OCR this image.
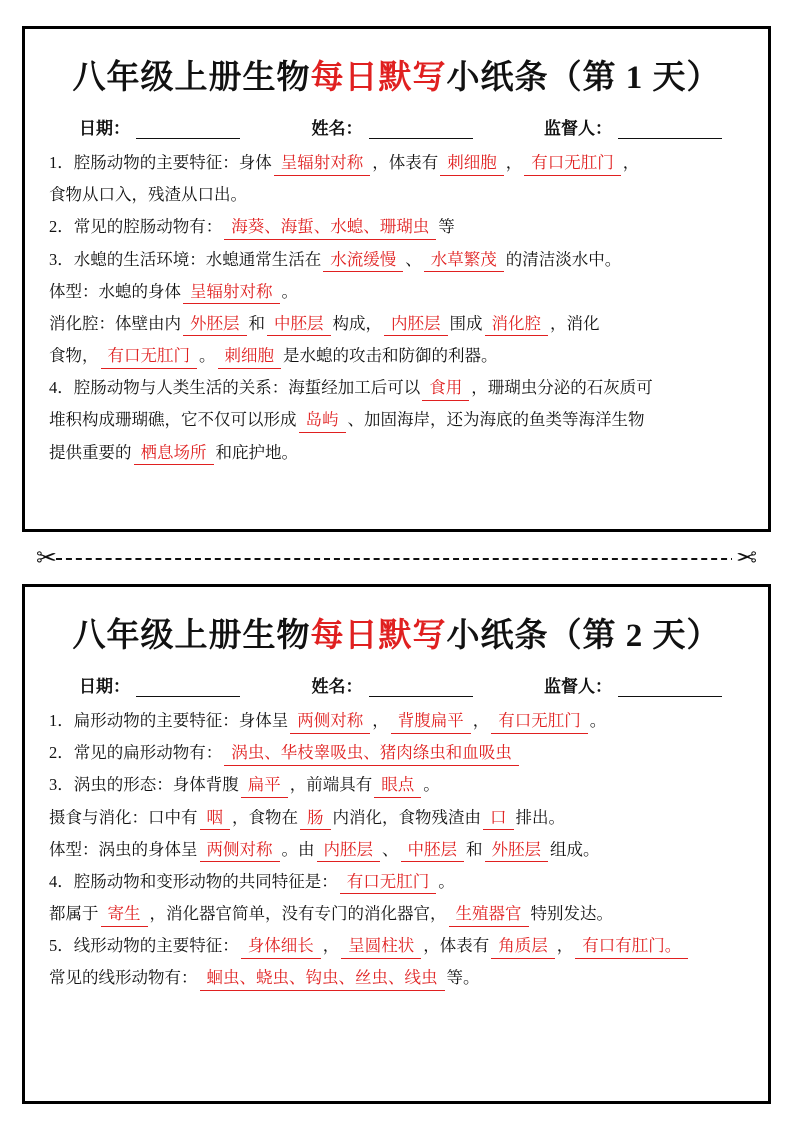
八年级上册生物每日默写小纸条（第 1 天）
日期：	姓名：	监督人：
1．腔肠动物的主要特征：身体 呈辐射对称 ，体表有 刺细胞 ， 有口无肛门 ，
食物从口入，残渣从口出。
2．常见的腔肠动物有： 海葵、海蜇、水螅、珊瑚虫 等
3．水螅的生活环境：水螅通常生活在 水流缓慢 、 水草繁茂 的清洁淡水中。
体型：水螅的身体 呈辐射对称 。
消化腔：体壁由内 外胚层 和 中胚层 构成， 内胚层 围成 消化腔 ，消化
食物， 有口无肛门 。 刺细胞 是水螅的攻击和防御的利器。
4．腔肠动物与人类生活的关系：海蜇经加工后可以 食用 ，珊瑚虫分泌的石灰质可
堆积构成珊瑚礁，它不仅可以形成 岛屿 、加固海岸，还为海底的鱼类等海洋生物
提供重要的 栖息场所 和庇护地。
✂	✂
八年级上册生物每日默写小纸条（第 2 天）
日期：	姓名：	监督人：
1．扁形动物的主要特征：身体呈 两侧对称 ， 背腹扁平 ， 有口无肛门 。
2．常见的扁形动物有： 涡虫、华枝睾吸虫、猪肉绦虫和血吸虫
3．涡虫的形态：身体背腹 扁平 ，前端具有 眼点 。
摄食与消化：口中有 咽 ，食物在 肠 内消化，食物残渣由 口 排出。
体型：涡虫的身体呈 两侧对称 。由 内胚层 、 中胚层 和 外胚层 组成。
4．腔肠动物和变形动物的共同特征是： 有口无肛门 。
都属于 寄生 ，消化器官简单，没有专门的消化器官， 生殖器官 特别发达。
5．线形动物的主要特征： 身体细长 ， 呈圆柱状 ，体表有 角质层 ， 有口有肛门。
常见的线形动物有： 蛔虫、蛲虫、钩虫、丝虫、线虫 等。
